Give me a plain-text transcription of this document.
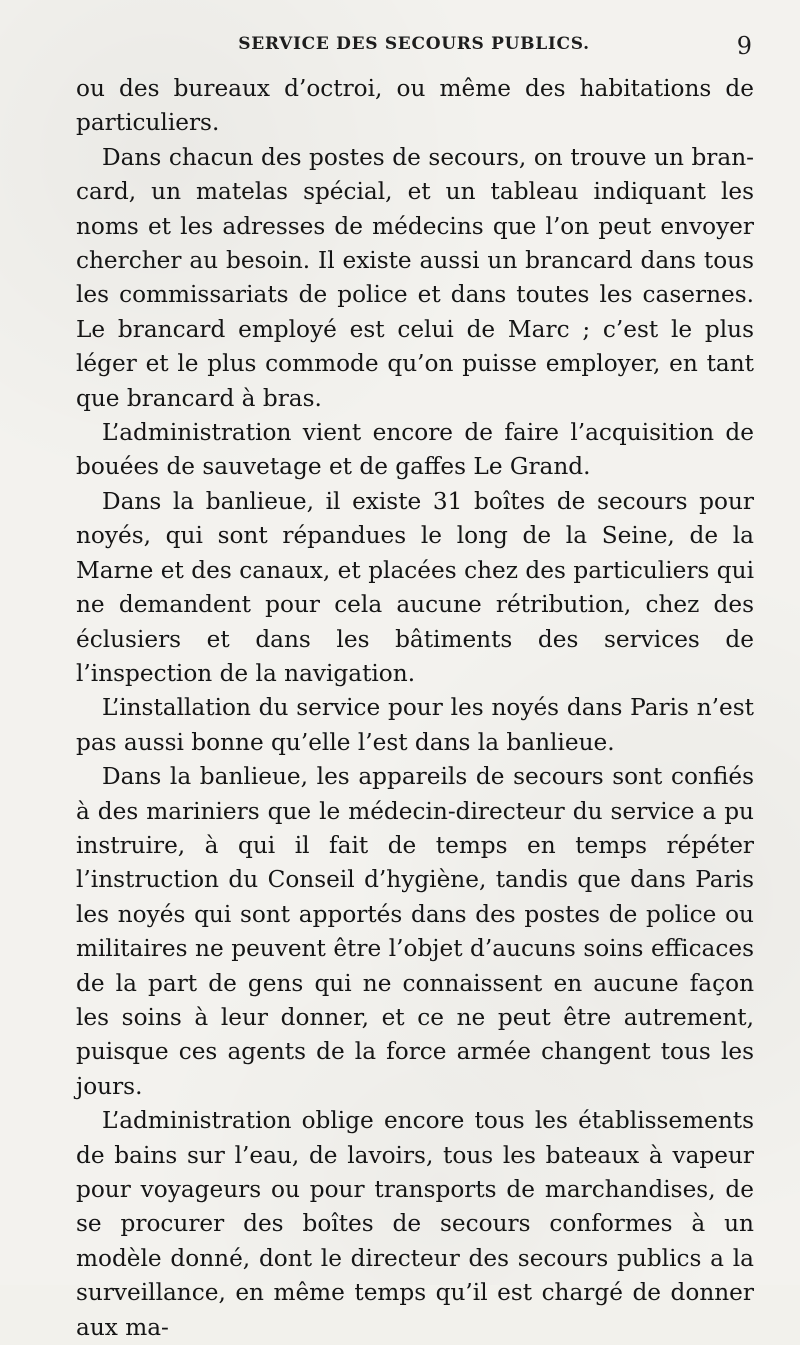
SERVICE DES SECOURS PUBLICS.	9

ou des bureaux d’octroi, ou même des habitations de particuliers.

Dans chacun des postes de secours, on trouve un brancard, un matelas spécial, et un tableau indiquant les noms et les adresses de médecins que l’on peut envoyer chercher au besoin. Il existe aussi un brancard dans tous les commissariats de police et dans toutes les casernes. Le brancard employé est celui de Marc ; c’est le plus léger et le plus commode qu’on puisse employer, en tant que brancard à bras.

L’administration vient encore de faire l’acquisition de bouées de sauvetage et de gaffes Le Grand.

Dans la banlieue, il existe 31 boîtes de secours pour noyés, qui sont répandues le long de la Seine, de la Marne et des canaux, et placées chez des particuliers qui ne demandent pour cela aucune rétribution, chez des éclusiers et dans les bâtiments des services de l’inspection de la navigation.

L’installation du service pour les noyés dans Paris n’est pas aussi bonne qu’elle l’est dans la banlieue.

Dans la banlieue, les appareils de secours sont confiés à des mariniers que le médecin-directeur du service a pu instruire, à qui il fait de temps en temps répéter l’instruction du Conseil d’hygiène, tandis que dans Paris les noyés qui sont apportés dans des postes de police ou militaires ne peuvent être l’objet d’aucuns soins efficaces de la part de gens qui ne connaissent en aucune façon les soins à leur donner, et ce ne peut être autrement, puisque ces agents de la force armée changent tous les jours.

L’administration oblige encore tous les établissements de bains sur l’eau, de lavoirs, tous les bateaux à vapeur pour voyageurs ou pour transports de marchandises, de se procurer des boîtes de secours conformes à un modèle donné, dont le directeur des secours publics a la surveillance, en même temps qu’il est chargé de donner aux ma-
